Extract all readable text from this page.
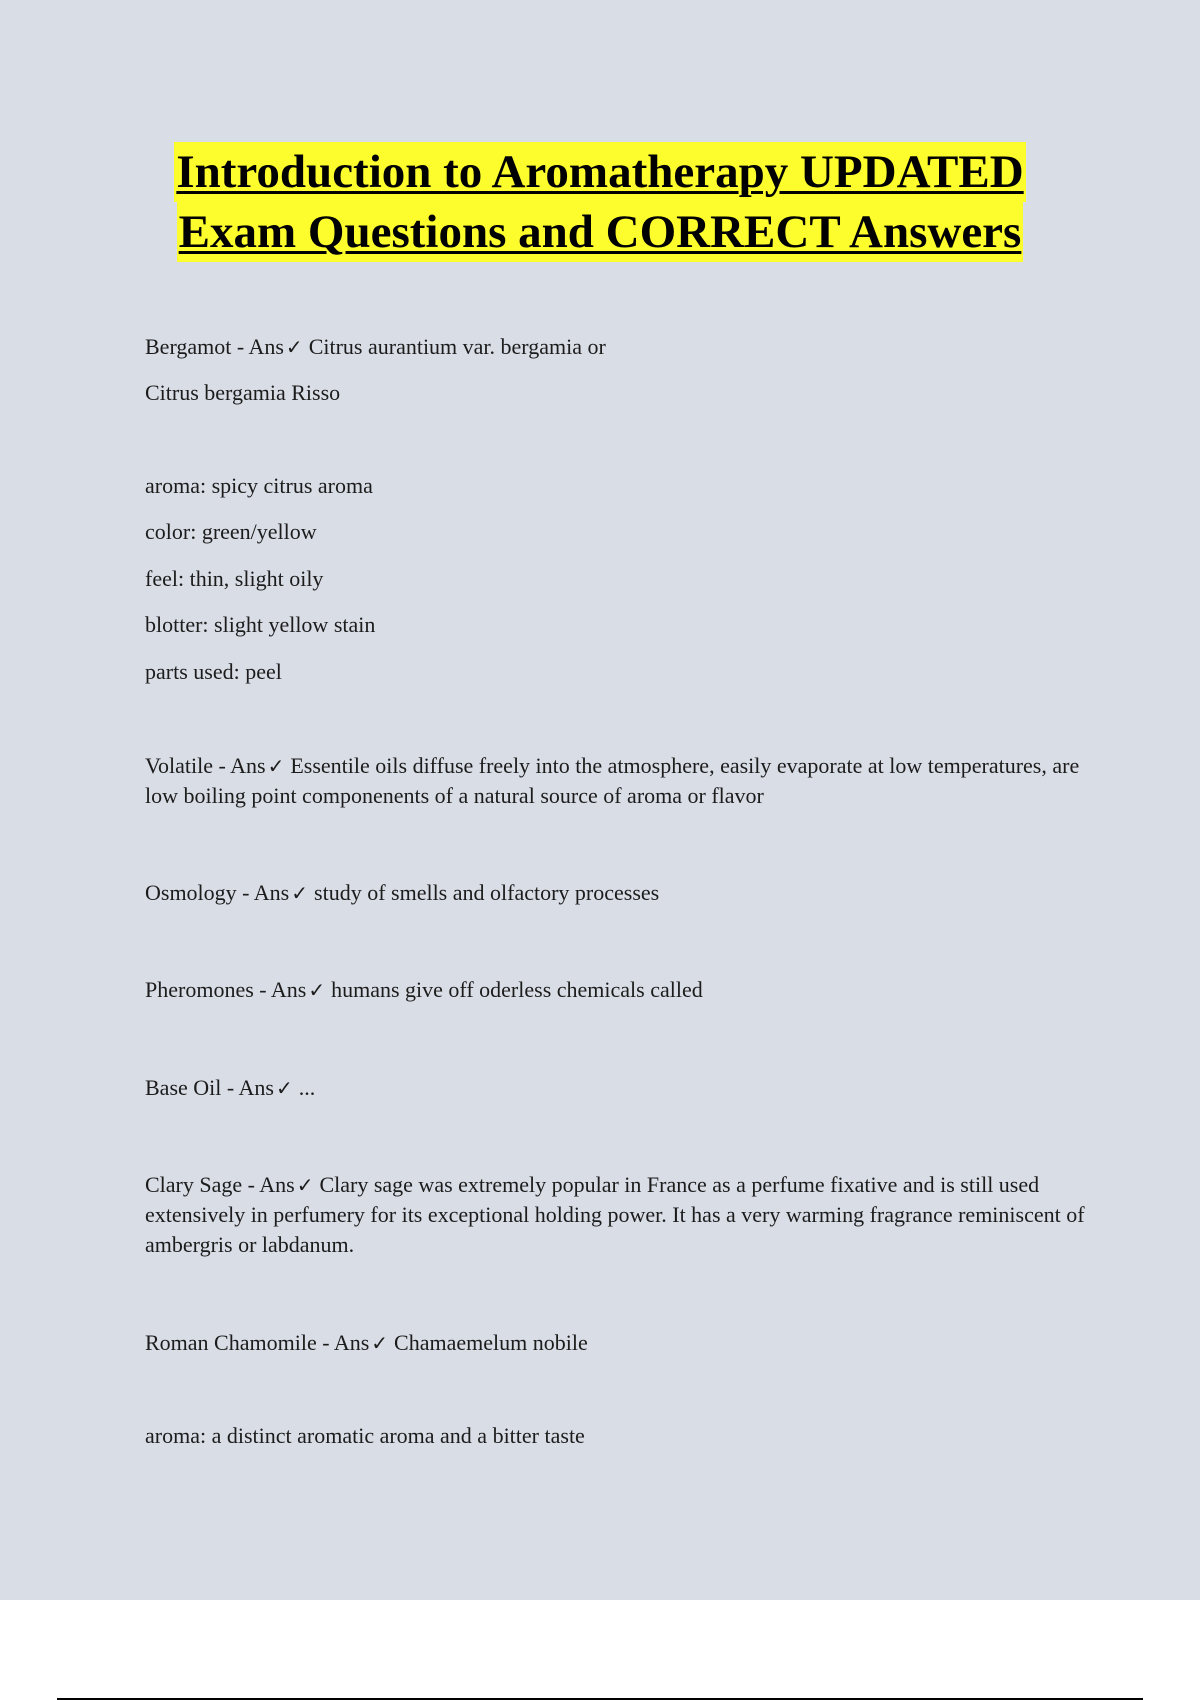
Introduction to Aromatherapy UPDATED
Exam Questions and CORRECT Answers
Bergamot - Ans ✓ Citrus aurantium var. bergamia or
Citrus bergamia Risso
aroma: spicy citrus aroma
color: green/yellow
feel: thin, slight oily
blotter: slight yellow stain
parts used: peel
Volatile - Ans ✓ Essentile oils diffuse freely into the atmosphere, easily evaporate at low temperatures, are low boiling point componenents of a natural source of aroma or flavor
Osmology - Ans ✓ study of smells and olfactory processes
Pheromones - Ans ✓ humans give off oderless chemicals called
Base Oil - Ans ✓ ...
Clary Sage - Ans ✓ Clary sage was extremely popular in France as a perfume fixative and is still used extensively in perfumery for its exceptional holding power. It has a very warming fragrance reminiscent of ambergris or labdanum.
Roman Chamomile - Ans ✓ Chamaemelum nobile
aroma: a distinct aromatic aroma and a bitter taste
